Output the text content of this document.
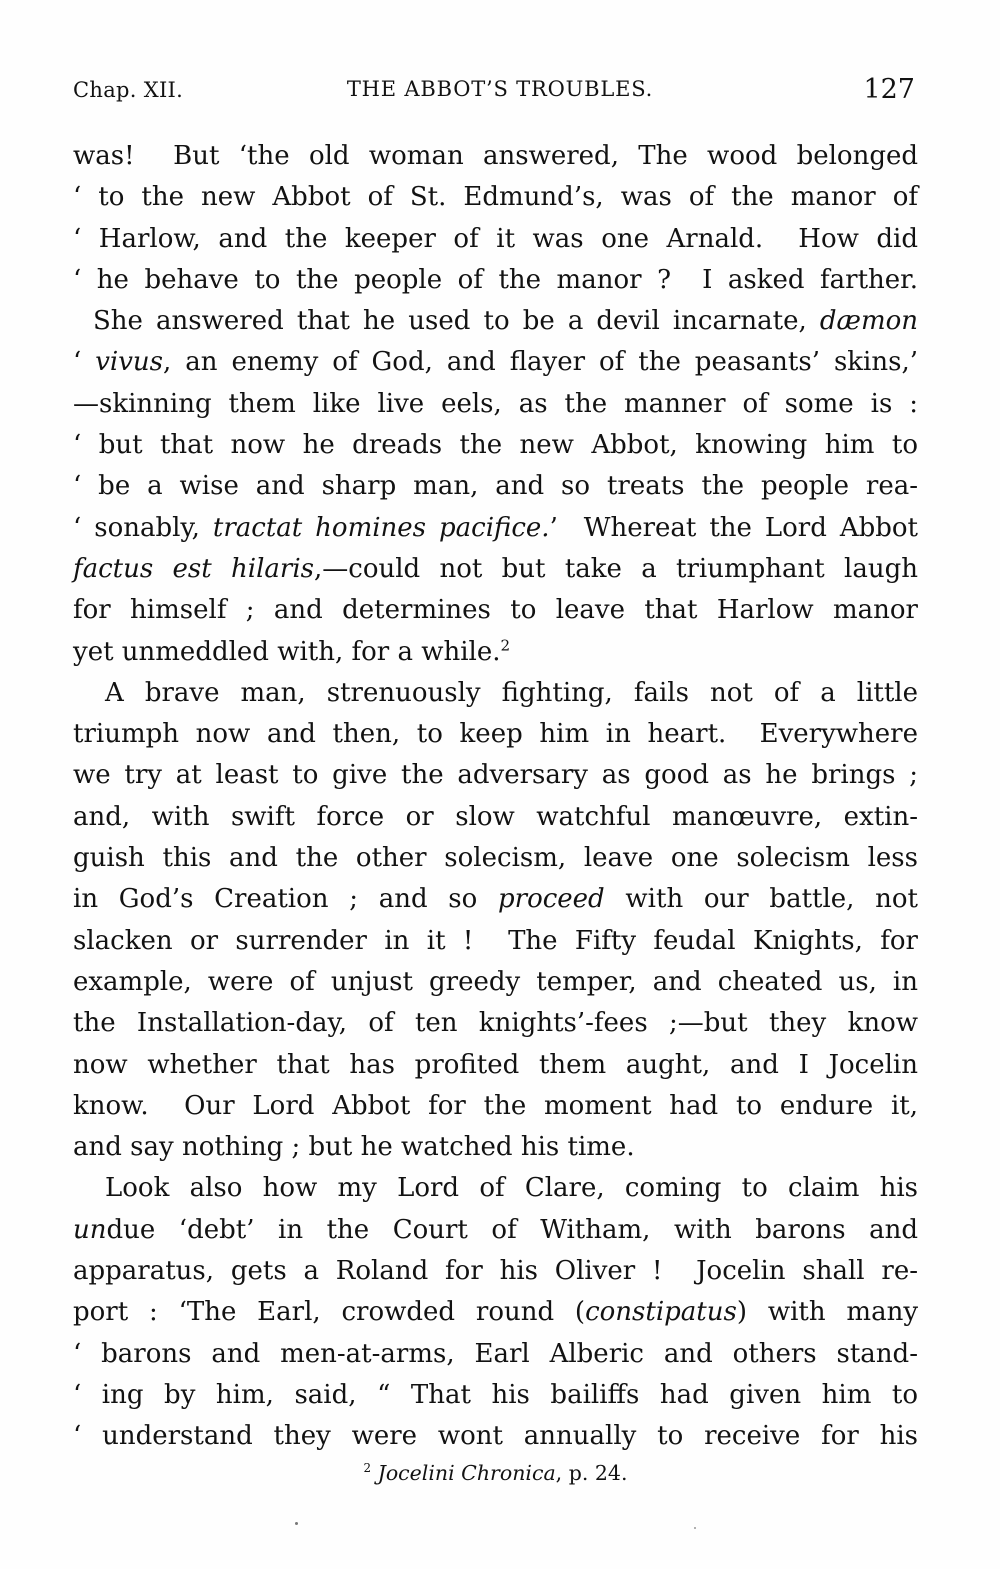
Chap. XII.	THE ABBOT’S TROUBLES.	127
was!  But ‘the old woman answered, The wood belonged
‘ to the new Abbot of St. Edmund’s, was of the manor of
‘ Harlow, and the keeper of it was one Arnald.  How did
‘ he behave to the people of the manor ?  I asked farther.
She answered that he used to be a devil incarnate, dæmon
‘ vivus, an enemy of God, and flayer of the peasants’ skins,’
—skinning them like live eels, as the manner of some is :
‘ but that now he dreads the new Abbot, knowing him to
‘ be a wise and sharp man, and so treats the people rea-
‘ sonably, tractat homines pacifice.’  Whereat the Lord Abbot
factus est hilaris,—could not but take a triumphant laugh
for himself ; and determines to leave that Harlow manor
yet unmeddled with, for a while.$^2$
A brave man, strenuously fighting, fails not of a little
triumph now and then, to keep him in heart.  Everywhere
we try at least to give the adversary as good as he brings ;
and, with swift force or slow watchful manœuvre, extin-
guish this and the other solecism, leave one solecism less
in God’s Creation ; and so proceed with our battle, not
slacken or surrender in it !  The Fifty feudal Knights, for
example, were of unjust greedy temper, and cheated us, in
the Installation-day, of ten knights’-fees ;—but they know
now whether that has profited them aught, and I Jocelin
know.  Our Lord Abbot for the moment had to endure it,
and say nothing ; but he watched his time.
Look also how my Lord of Clare, coming to claim his
undue ‘debt’ in the Court of Witham, with barons and
apparatus, gets a Roland for his Oliver !  Jocelin shall re-
port : ‘The Earl, crowded round (constipatus) with many
‘ barons and men-at-arms, Earl Alberic and others stand-
‘ ing by him, said, “ That his bailiffs had given him to
‘ understand they were wont annually to receive for his
$^2$ Jocelini Chronica, p. 24.
